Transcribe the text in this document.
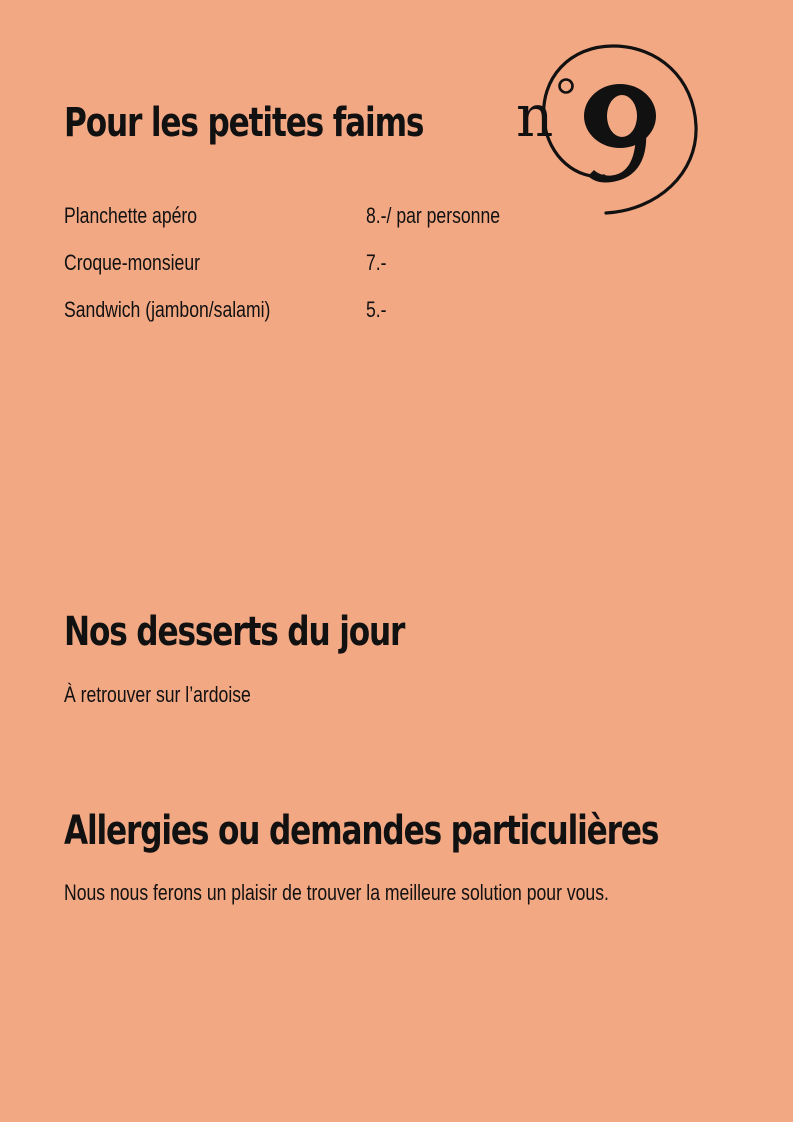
n
9
Pour les petites faims
Planchette apéro	8.-/ par personne
Croque-monsieur	7.-
Sandwich (jambon/salami)	5.-
Nos desserts du jour

À retrouver sur l’ardoise

Allergies ou demandes particulières

Nous nous ferons un plaisir de trouver la meilleure solution pour vous.
